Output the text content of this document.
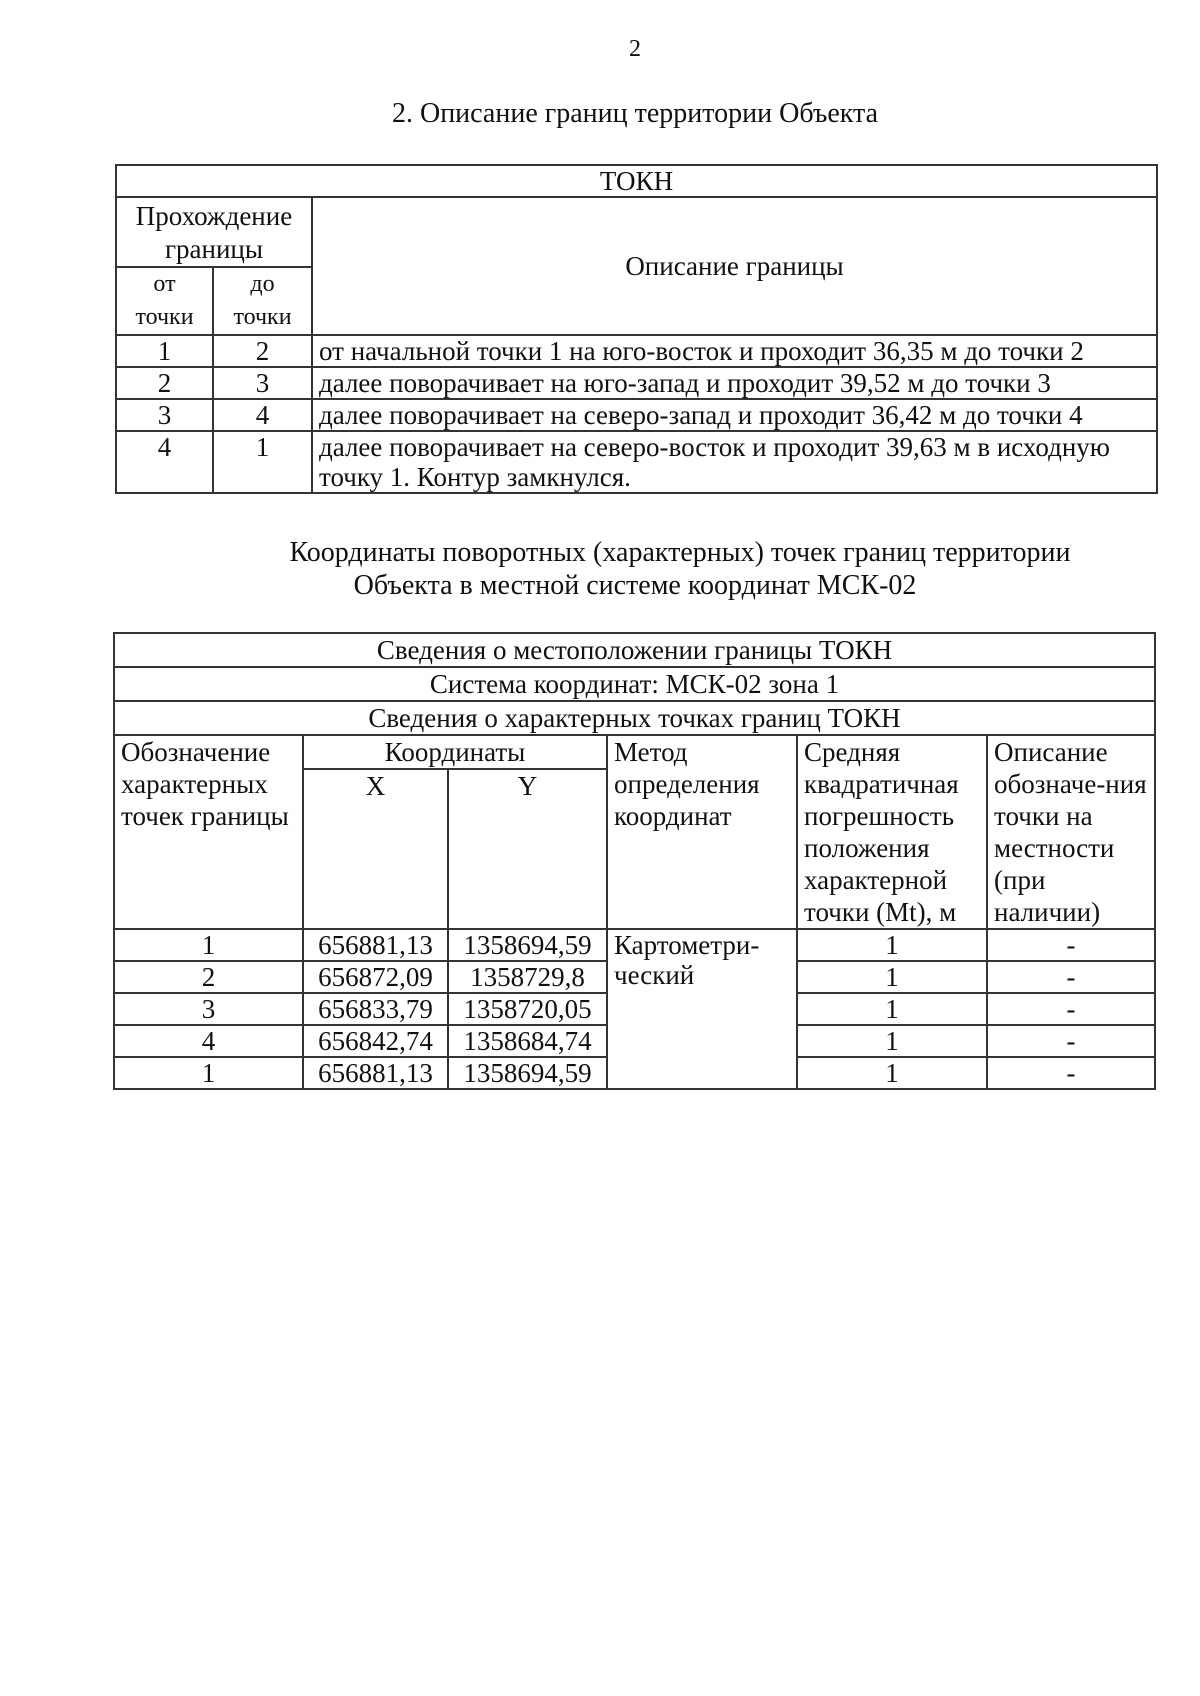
2
2. Описание границ территории Объекта
ТОКН		
Прохождение границы		Описание границы
от точки	до точки	
1	2	от начальной точки 1 на юго-восток и проходит 36,35 м до точки 2
2	3	далее поворачивает на юго-запад и проходит 39,52 м до точки 3
3	4	далее поворачивает на северо-запад и проходит 36,42 м до точки 4
4	1	далее поворачивает на северо-восток и проходит 39,63 м в исходную точку 1. Контур замкнулся.
Координаты поворотных (характерных) точек границ территории
Объекта в местной системе координат МСК-02
Сведения о местоположении границы ТОКН					
Система координат: МСК-02 зона 1					
Сведения о характерных точках границ ТОКН					
Обозначение характерных точек границы	Координаты		Метод определения координат	Средняя квадратичная погрешность положения характерной точки (Mt), м	Описание обозначе-ния точки на местности (при наличии)
	X	Y			
1	656881,13	1358694,59	Картометри-ческий	1	-
2	656872,09	1358729,8		1	-
3	656833,79	1358720,05		1	-
4	656842,74	1358684,74		1	-
1	656881,13	1358694,59		1	-
